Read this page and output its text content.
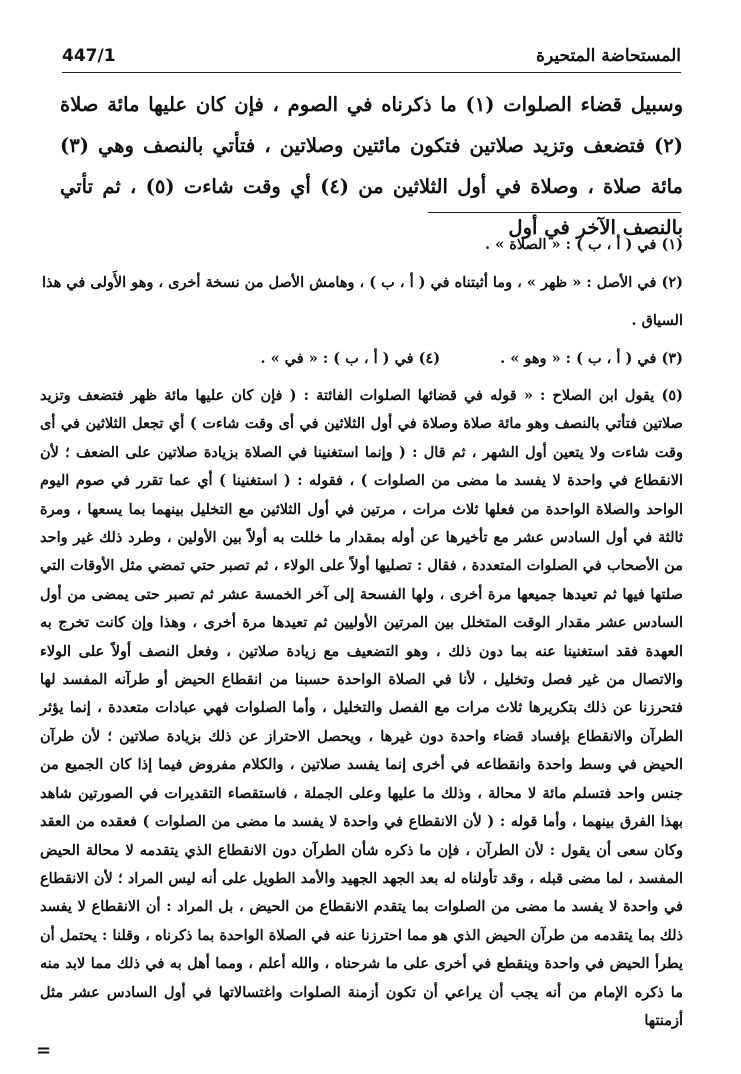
المستحاضة المتحيرة
447/1

وسبيل قضاء الصلوات (١) ما ذكرناه في الصوم ، فإن كان عليها مائة صلاة (٢) فتضعف وتزيد صلاتين فتكون مائتين وصلاتين ، فتأتي بالنصف وهي (٣) مائة صلاة ، وصلاة في أول الثلاثين من (٤) أي وقت شاءت (٥) ، ثم تأتي بالنصف الآخر في أول

(١) في ( أ ، ب ) : « الصلاة » .

(٢) في الأصل : « ظهر » ، وما أثبتناه في ( أ ، ب ) ، وهامش الأصل من نسخة أخرى ، وهو الأَولى في هذا السياق .

(٣) في ( أ ، ب ) : « وهو » .
(٤) في ( أ ، ب ) : « في » .

(٥) يقول ابن الصلاح : « قوله في قضائها الصلوات الفائتة : ( فإن كان عليها مائة ظهر فتضعف وتزيد صلاتين فتأتي بالنصف وهو مائة صلاة وصلاة في أول الثلاثين في أى وقت شاءت ) أي تجعل الثلاثين في أى وقت شاءت ولا يتعين أول الشهر ، ثم قال : ( وإنما استغنينا في الصلاة بزيادة صلاتين على الضعف ؛ لأن الانقطاع في واحدة لا يفسد ما مضى من الصلوات ) ، فقوله : ( استغنينا ) أي عما تقرر في صوم اليوم الواحد والصلاة الواحدة من فعلها ثلاث مرات ، مرتين في أول الثلاثين مع التخليل بينهما بما يسعها ، ومرة ثالثة في أول السادس عشر مع تأخيرها عن أوله بمقدار ما خللت به أولاً بين الأولين ، وطرد ذلك غير واحد من الأصحاب في الصلوات المتعددة ، فقال : تصليها أولاً على الولاء ، ثم تصبر حتي تمضي مثل الأوقات التي صلتها فيها ثم تعيدها جميعها مرة أخرى ، ولها الفسحة إلى آخر الخمسة عشر ثم تصبر حتى يمضى من أول السادس عشر مقدار الوقت المتخلل بين المرتين الأوليين ثم تعيدها مرة أخرى ، وهذا وإن كانت تخرج به العهدة فقد استغنينا عنه بما دون ذلك ، وهو التضعيف مع زيادة صلاتين ، وفعل النصف أولاً على الولاء والاتصال من غير فصل وتخليل ، لأنا في الصلاة الواحدة حسبنا من انقطاع الحيض أو طرآنه المفسد لها فتحرزنا عن ذلك بتكريرها ثلاث مرات مع الفصل والتخليل ، وأما الصلوات فهي عبادات متعددة ، إنما يؤثر الطرآن والانقطاع بإفساد قضاء واحدة دون غيرها ، ويحصل الاحتراز عن ذلك بزيادة صلاتين ؛ لأن طرآن الحيض في وسط واحدة وانقطاعه في أخرى إنما يفسد صلاتين ، والكلام مفروض فيما إذا كان الجميع من جنس واحد فتسلم مائة لا محالة ، وذلك ما عليها وعلى الجملة ، فاستقصاء التقديرات في الصورتين شاهد بهذا الفرق بينهما ، وأما قوله : ( لأن الانقطاع في واحدة لا يفسد ما مضى من الصلوات ) فعقده من العقد وكان سعى أن يقول : لأن الطرآن ، فإن ما ذكره شأن الطرآن دون الانقطاع الذي يتقدمه لا محالة الحيض المفسد ، لما مضى قبله ، وقد تأولناه له بعد الجهد الجهيد والأمد الطويل على أنه ليس المراد ؛ لأن الانقطاع في واحدة لا يفسد ما مضى من الصلوات بما يتقدم الانقطاع من الحيض ، بل المراد : أن الانقطاع لا يفسد ذلك بما يتقدمه من طرآن الحيض الذي هو مما احترزنا عنه في الصلاة الواحدة بما ذكرناه ، وقلنا : يحتمل أن يطرأ الحيض في واحدة وينقطع في أخرى على ما شرحناه ، والله أعلم ، ومما أهل به في ذلك مما لابد منه ما ذكره الإمام من أنه يجب أن يراعي أن تكون أزمنة الصلوات واغتسالاتها في أول السادس عشر مثل أزمنتها

=
